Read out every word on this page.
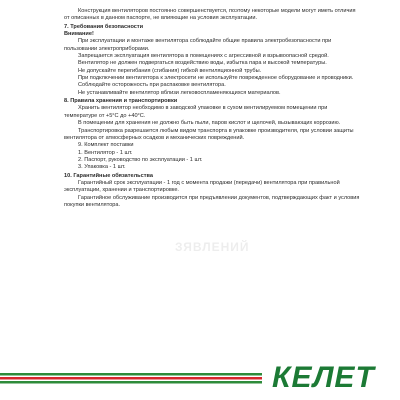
Конструкция вентиляторов постоянно совершенствуется, поэтому некоторые модели могут иметь отличия от описанных в данном паспорте, не влияющие на условия эксплуатации.

7. Требования безопасности

Внимание!

При эксплуатации и монтаже вентилятора соблюдайте общие правила электробезопасности при пользовании электроприборами.

Запрещается эксплуатация вентилятора в помещениях с агрессивной и взрывоопасной средой.

Вентилятор не должен подвергаться воздействию воды, избытка пара и высокой температуры.

Не допускайте перегибания (сгибания) гибкой вентиляционной трубы.

При подключении вентилятора к электросети не используйте поврежденное оборудование и проводники.

Соблюдайте осторожность при распаковке вентилятора.

Не устанавливайте вентилятор вблизи легковоспламеняющихся материалов.

8. Правила хранения и транспортировки

Хранить вентилятор необходимо в заводской упаковке в сухом вентилируемом помещении при температуре от +5°С до +40°С.

В помещении для хранения не должно быть пыли, паров кислот и щелочей, вызывающих коррозию.

Транспортировка разрешается любым видом транспорта в упаковке производителя, при условии защиты вентилятора от атмосферных осадков и механических повреждений.

9. Комплект поставки

1. Вентилятор - 1 шт.

2. Паспорт, руководство по эксплуатации - 1 шт.

3. Упаковка - 1 шт.

10. Гарантийные обязательства

Гарантийный срок эксплуатации - 1 год с момента продажи (передачи) вентилятора при правильной эксплуатации, хранении и транспортировке.

Гарантийное обслуживание производится при предъявлении документов, подтверждающих факт и условия покупки вентилятора.

ЗЯВЛЕНИЙ
КЕЛЕТ
